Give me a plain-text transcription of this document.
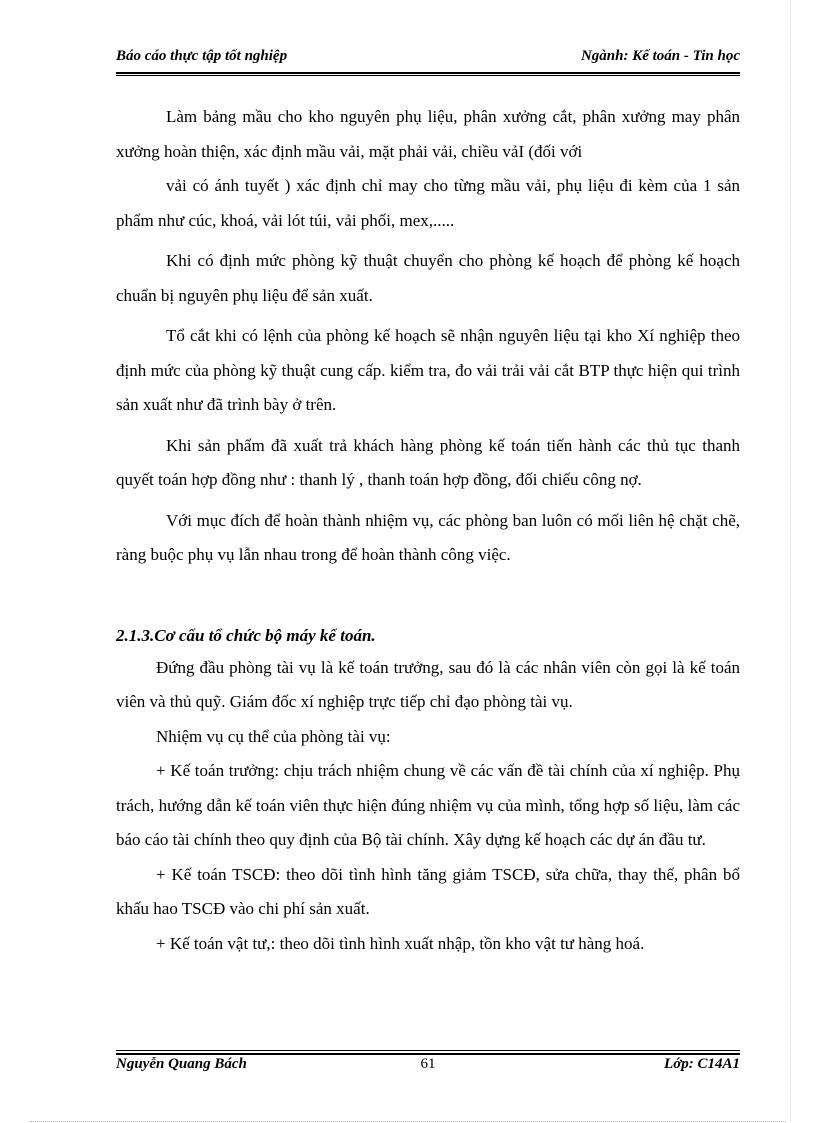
Báo cáo thực tập tốt nghiệp	Ngành: Kế toán - Tin học

Làm bảng mầu cho kho nguyên phụ liệu, phân xưởng cắt, phân xưởng may phân xưởng hoàn thiện, xác định mầu vải, mặt phải vải, chiều vảI (đối với

vải có ánh tuyết ) xác định chỉ may cho từng mầu vải, phụ liệu đi kèm của 1 sản phẩm như cúc, khoá, vải lót túi, vải phối, mex,.....

Khi có định mức phòng kỹ thuật chuyển cho phòng kế hoạch để phòng kế hoạch chuẩn bị nguyên phụ liệu để sản xuất.

Tổ cắt khi có lệnh của phòng kế hoạch sẽ nhận nguyên liệu tại kho Xí nghiệp theo định mức của phòng kỹ thuật cung cấp. kiểm tra, đo vải trải vải cắt BTP thực hiện qui trình sản xuất như đã trình bày ở trên.

Khi sản phẩm đã xuất trả khách hàng phòng kế toán tiến hành các thủ tục thanh quyết toán hợp đồng như : thanh lý , thanh toán hợp đồng, đối chiếu công nợ.

Với mục đích để hoàn thành nhiệm vụ, các phòng ban luôn có mối liên hệ chặt chẽ, ràng buộc phụ vụ lẫn nhau trong để hoàn thành công việc.

2.1.3.Cơ cấu tổ chức bộ máy kế toán.

Đứng đầu phòng tài vụ là kế toán trưởng, sau đó là các nhân viên còn gọi là kế toán viên và thủ quỹ. Giám đốc xí nghiệp trực tiếp chỉ đạo phòng tài vụ.

Nhiệm vụ cụ thể của phòng tài vụ:

+ Kế toán trưởng: chịu trách nhiệm chung về các vấn đề tài chính của xí nghiệp. Phụ trách, hướng dẫn kế toán viên thực hiện đúng nhiệm vụ của mình, tổng hợp số liệu, làm các báo cáo tài chính theo quy định của Bộ tài chính. Xây dựng kế hoạch các dự án đầu tư.

+ Kế toán TSCĐ: theo dõi tình hình tăng giảm TSCĐ, sửa chữa, thay thế, phân bổ khấu hao TSCĐ vào chi phí sản xuất.

+ Kế toán vật tư,: theo dõi tình hình xuất nhập, tồn kho vật tư hàng hoá.

Nguyễn Quang Bách	61	Lớp: C14A1
